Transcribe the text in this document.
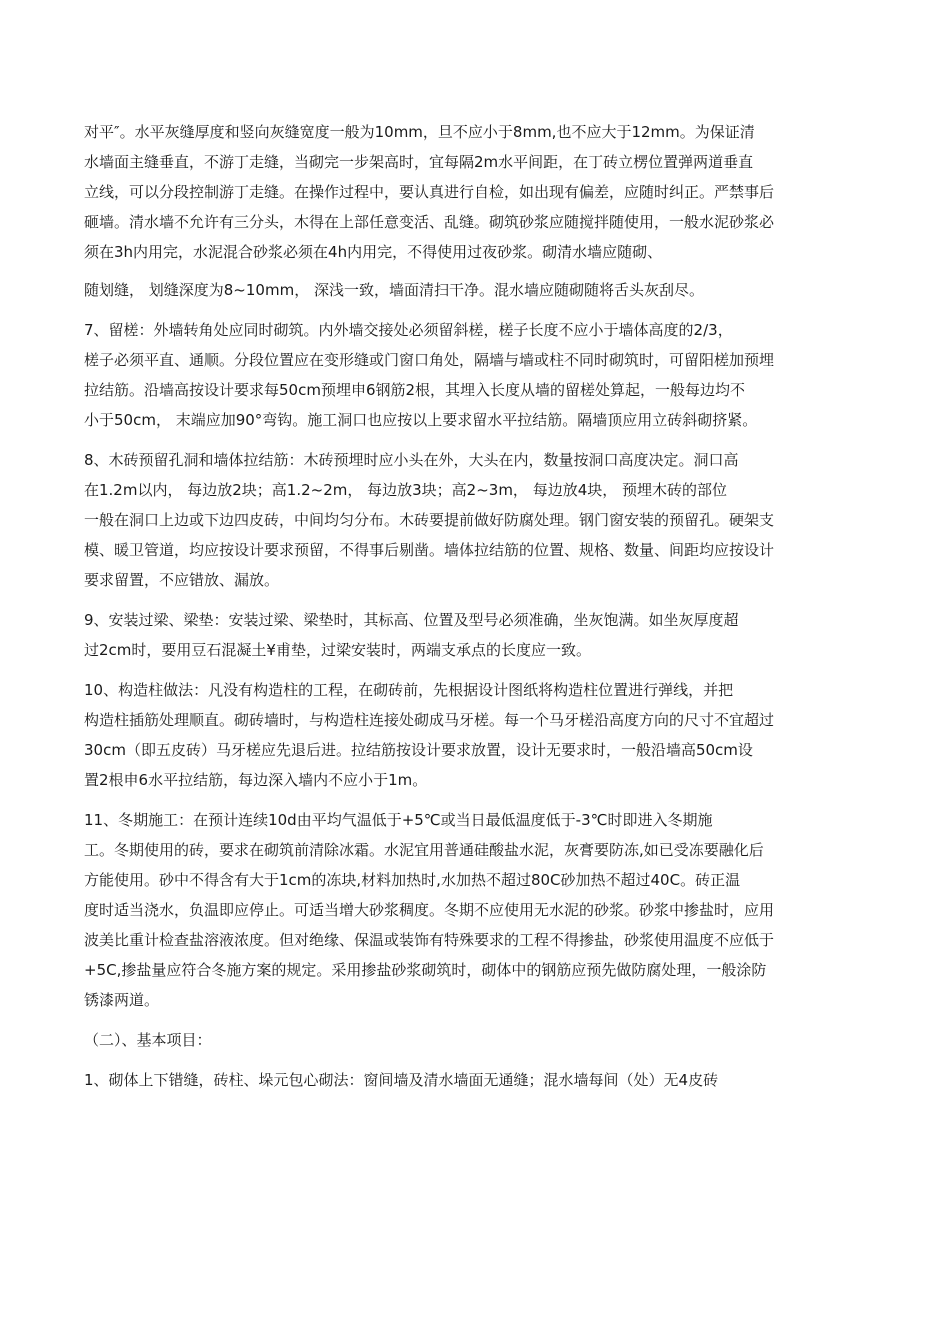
对平″。水平灰缝厚度和竖向灰缝宽度一般为10mm，旦不应小于8mm,也不应大于12mm。为保证清
水墙面主缝垂直，不游丁走缝，当砌完一步架高时，宜每隔2m水平间距，在丁砖立楞位置弹两道垂直
立线，可以分段控制游丁走缝。在操作过程中，要认真进行自检，如出现有偏差，应随时纠正。严禁事后
砸墙。清水墙不允许有三分头，木得在上部任意变活、乱缝。砌筑砂浆应随搅拌随使用，一般水泥砂浆必
须在3h内用完，水泥混合砂浆必须在4h内用完，不得使用过夜砂浆。砌清水墙应随砌、
随划缝， 划缝深度为8~10mm， 深浅一致，墙面清扫干净。混水墙应随砌随将舌头灰刮尽。
7、留槎：外墙转角处应同时砌筑。内外墙交接处必须留斜槎，槎子长度不应小于墙体高度的2/3，
槎子必须平直、通顺。分段位置应在变形缝或门窗口角处，隔墙与墙或柱不同时砌筑时，可留阳槎加预埋
拉结筋。沿墙高按设计要求每50cm预埋申6钢筋2根，其埋入长度从墙的留槎处算起，一般每边均不
小于50cm， 末端应加90°弯钩。施工洞口也应按以上要求留水平拉结筋。隔墙顶应用立砖斜砌挤紧。
8、木砖预留孔洞和墙体拉结筋：木砖预埋时应小头在外，大头在内，数量按洞口高度决定。洞口高
在1.2m以内， 每边放2块；高1.2~2m， 每边放3块；高2~3m， 每边放4块， 预埋木砖的部位
一般在洞口上边或下边四皮砖，中间均匀分布。木砖要提前做好防腐处理。钢门窗安装的预留孔。硬架支
模、暖卫管道，均应按设计要求预留，不得事后剔凿。墙体拉结筋的位置、规格、数量、间距均应按设计
要求留置，不应错放、漏放。
9、安装过梁、梁垫：安装过梁、梁垫时，其标高、位置及型号必须准确，坐灰饱满。如坐灰厚度超
过2cm时，要用豆石混凝土¥甫垫，过梁安装时，两端支承点的长度应一致。
10、构造柱做法：凡没有构造柱的工程，在砌砖前，先根据设计图纸将构造柱位置进行弹线，并把
构造柱插筋处理顺直。砌砖墙时，与构造柱连接处砌成马牙槎。每一个马牙槎沿高度方向的尺寸不宜超过
30cm（即五皮砖）马牙槎应先退后进。拉结筋按设计要求放置，设计无要求时，一般沿墙高50cm设
置2根申6水平拉结筋，每边深入墙内不应小于1m。
11、冬期施工：在预计连续10d由平均气温低于+5℃或当日最低温度低于-3℃时即进入冬期施
工。冬期使用的砖，要求在砌筑前清除冰霜。水泥宜用普通硅酸盐水泥，灰膏要防冻,如已受冻要融化后
方能使用。砂中不得含有大于1cm的冻块,材料加热时,水加热不超过80C砂加热不超过40C。砖正温
度时适当浇水，负温即应停止。可适当增大砂浆稠度。冬期不应使用无水泥的砂浆。砂浆中掺盐时，应用
波美比重计检查盐溶液浓度。但对绝缘、保温或装饰有特殊要求的工程不得掺盐，砂浆使用温度不应低于
+5C,掺盐量应符合冬施方案的规定。采用掺盐砂浆砌筑时，砌体中的钢筋应预先做防腐处理，一般涂防
锈漆两道。
（二）、基本项目：
1、砌体上下错缝，砖柱、垛元包心砌法：窗间墙及清水墙面无通缝；混水墙每间（处）无4皮砖
